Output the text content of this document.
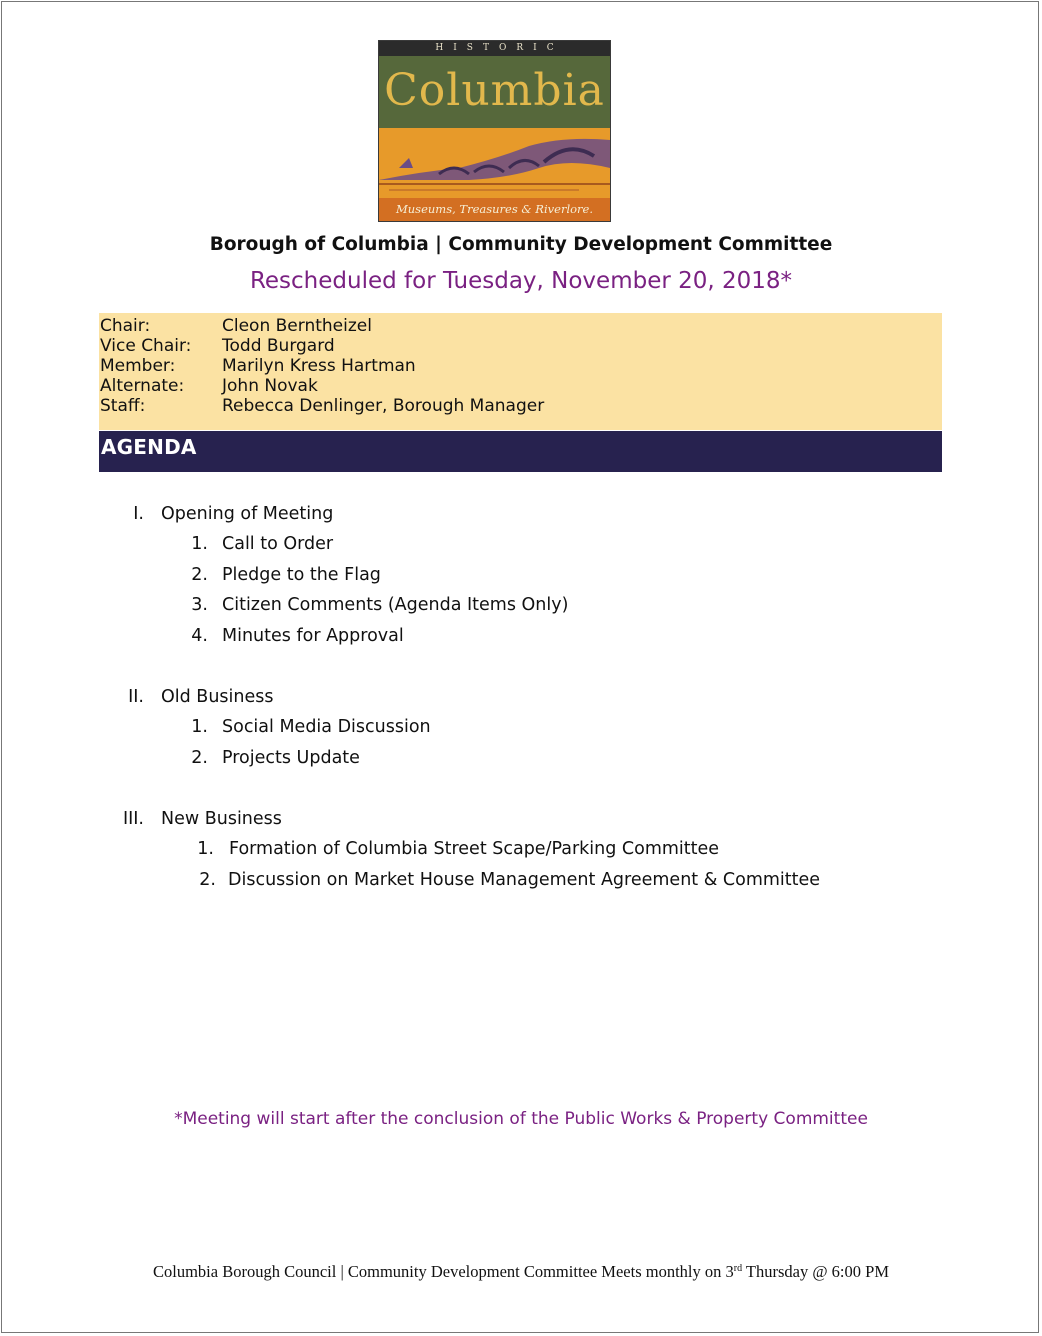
HISTORIC
Columbia
Museums, Treasures & Riverlore.
Borough of Columbia | Community Development Committee
Rescheduled for Tuesday, November 20, 2018*
Chair:	Cleon Berntheizel
Vice Chair:	Todd Burgard
Member:	Marilyn Kress Hartman
Alternate:	John Novak
Staff:	Rebecca Denlinger, Borough Manager
AGENDA
I. Opening of Meeting
1. Call to Order
2. Pledge to the Flag
3. Citizen Comments (Agenda Items Only)
4. Minutes for Approval
II. Old Business
1. Social Media Discussion
2. Projects Update
III. New Business
1. Formation of Columbia Street Scape/Parking Committee
2. Discussion on Market House Management Agreement & Committee
*Meeting will start after the conclusion of the Public Works & Property Committee
Columbia Borough Council | Community Development Committee Meets monthly on 3rd Thursday @ 6:00 PM
